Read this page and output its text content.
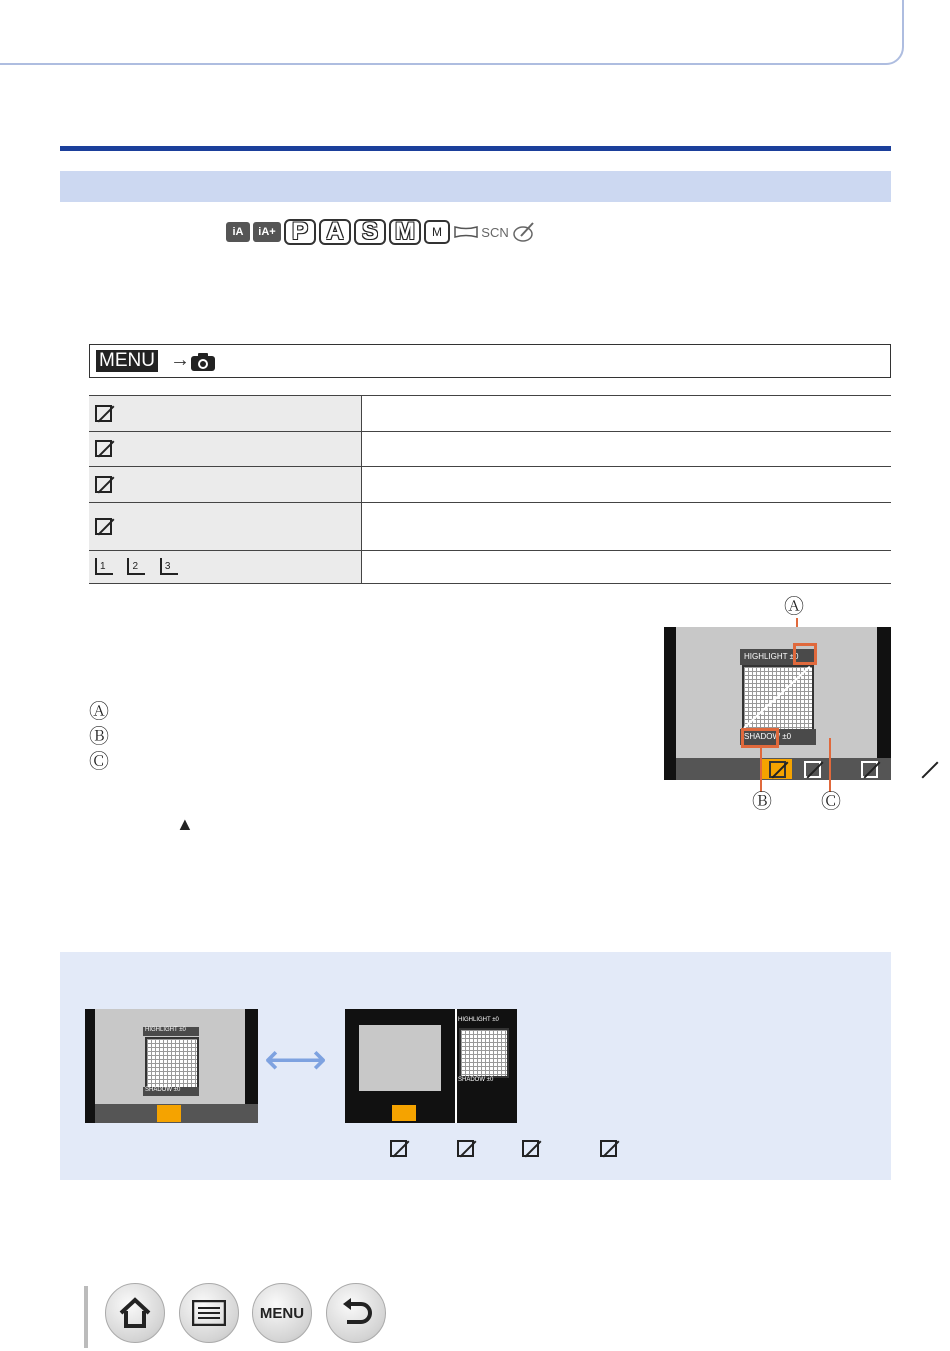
iA	iA+ P A S M	M	SCN
MENU →

1 2 3	
Ⓐ
Ⓑ
Ⓒ
▲
Ⓐ
HIGHLIGHT ±0
SHADOW ±0

Ⓑ Ⓒ
HIGHLIGHT ±0
SHADOW ±0
⟷
HIGHLIGHT ±0
SHADOW ±0

MENU
